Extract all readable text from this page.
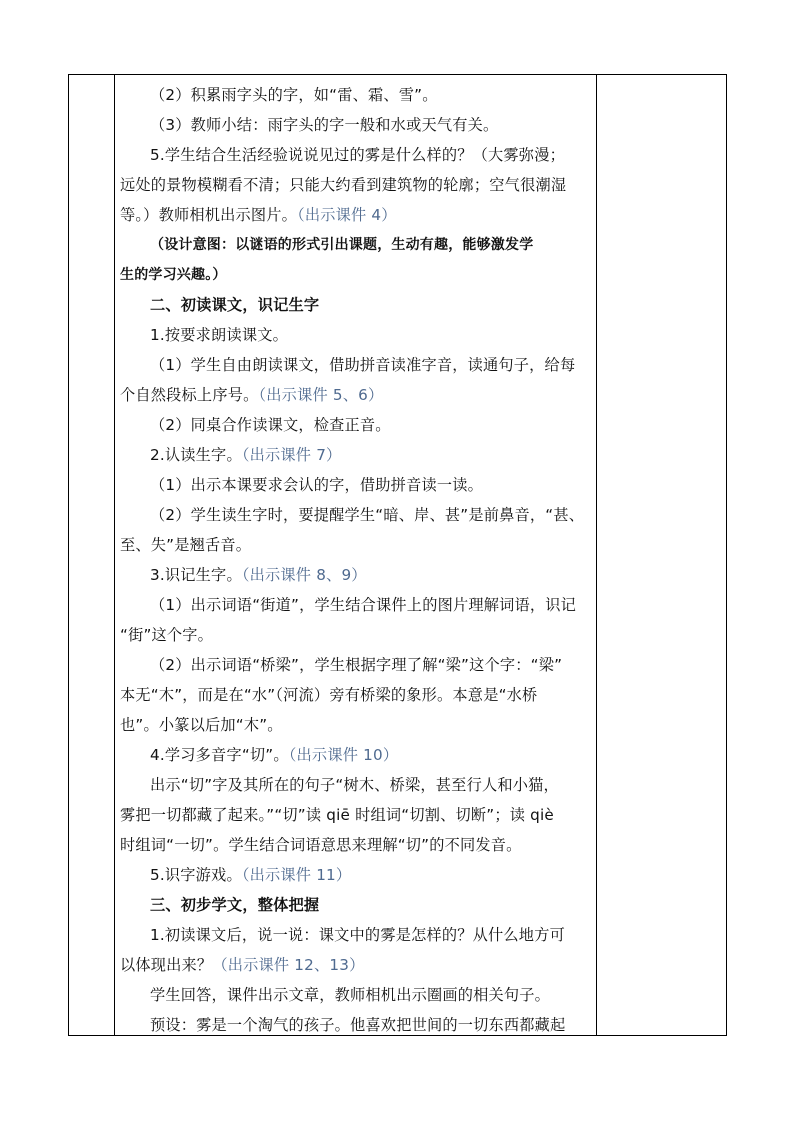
（2）积累雨字头的字，如“雷、霜、雪”。

（3）教师小结：雨字头的字一般和水或天气有关。

5.学生结合生活经验说说见过的雾是什么样的？（大雾弥漫；

远处的景物模糊看不清；只能大约看到建筑物的轮廓；空气很潮湿

等。）教师相机出示图片。（出示课件 4）

（设计意图：以谜语的形式引出课题，生动有趣，能够激发学

生的学习兴趣。）

二、初读课文，识记生字

1.按要求朗读课文。

（1）学生自由朗读课文，借助拼音读准字音，读通句子，给每

个自然段标上序号。（出示课件 5、6）

（2）同桌合作读课文，检查正音。

2.认读生字。（出示课件 7）

（1）出示本课要求会认的字，借助拼音读一读。

（2）学生读生字时，要提醒学生“暗、岸、甚”是前鼻音，“甚、

至、失”是翘舌音。

3.识记生字。（出示课件 8、9）

（1）出示词语“街道”，学生结合课件上的图片理解词语，识记

“街”这个字。

（2）出示词语“桥梁”，学生根据字理了解“梁”这个字：“梁”

本无“木”，而是在“水”（河流）旁有桥梁的象形。本意是“水桥

也”。小篆以后加“木”。

4.学习多音字“切”。（出示课件 10）

出示“切”字及其所在的句子“树木、桥梁，甚至行人和小猫，

雾把一切都藏了起来。”“切”读 qiē 时组词“切割、切断”；读 qiè

时组词“一切”。学生结合词语意思来理解“切”的不同发音。

5.识字游戏。（出示课件 11）

三、初步学文，整体把握

1.初读课文后，说一说：课文中的雾是怎样的？从什么地方可

以体现出来？（出示课件 12、13）

学生回答，课件出示文章，教师相机出示圈画的相关句子。

预设：雾是一个淘气的孩子。他喜欢把世间的一切东西都藏起
